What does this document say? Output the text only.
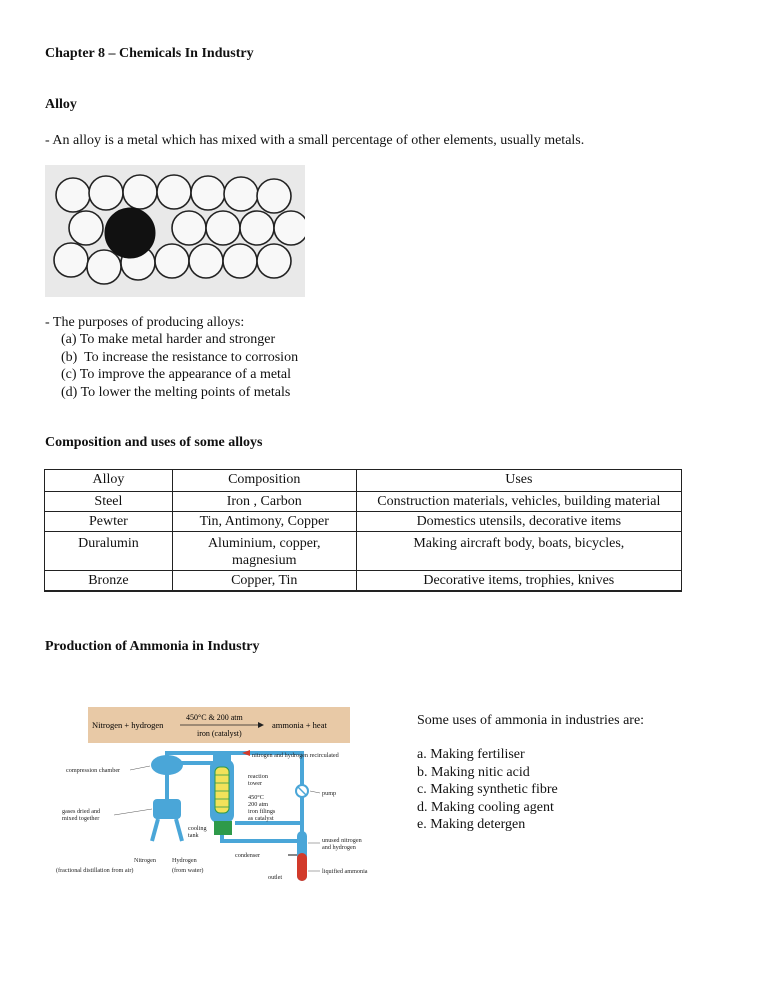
Chapter 8 – Chemicals In Industry
Alloy
- An alloy is a metal which has mixed with a small percentage of other elements, usually metals.
- The purposes of producing alloys:
(a) To make metal harder and stronger
(b)  To increase the resistance to corrosion
(c) To improve the appearance of a metal
(d) To lower the melting points of metals
Composition and uses of some alloys
Alloy	Composition	Uses
Steel	Iron , Carbon	Construction materials, vehicles, building material
Pewter	Tin, Antimony, Copper	Domestics utensils, decorative items
Duralumin	Aluminium, copper, magnesium	Making aircraft body, boats, bicycles,
Bronze	Copper, Tin	Decorative items, trophies, knives
Production of Ammonia in Industry
Nitrogen + hydrogen
450°C & 200 atm
iron (catalyst)
ammonia + heat
nitrogen and hydrogen recirculated
compression chamber
reaction
tower
450°C
200 atm
iron filings
as catalyst
pump
gases dried and
mixed together
cooling
tank
unused nitrogen
and hydrogen
condenser
Nitrogen	Hydrogen
(fractional distillation from air)	(from water)
outlet
liquified ammonia
Some uses of ammonia in industries are:
a. Making fertiliser
b. Making nitic acid
c. Making synthetic fibre
d. Making cooling agent
e. Making detergen
